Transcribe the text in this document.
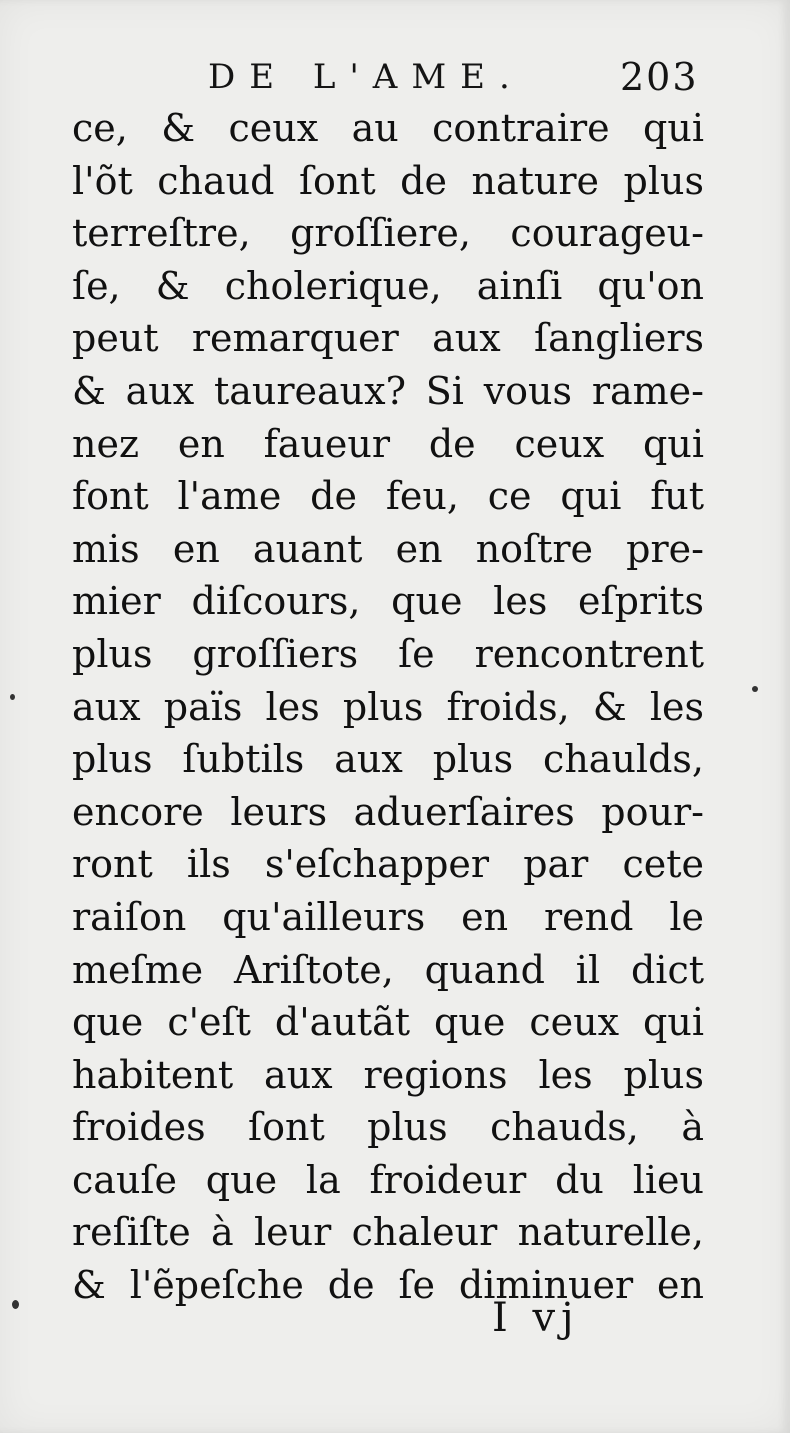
DE L'AME.	203
ce, & ceux au contraire qui
l'õt chaud ſont de nature plus
terreſtre, groſſiere, courageu-
ſe, & cholerique, ainſi qu'on
peut remarquer aux ſangliers
& aux taureaux? Si vous rame-
nez en faueur de ceux qui
font l'ame de feu, ce qui fut
mis en auant en noſtre pre-
mier diſcours, que les eſprits
plus groſſiers ſe rencontrent
aux païs les plus froids, & les
plus ſubtils aux plus chaulds,
encore leurs aduerſaires pour-
ront ils s'eſchapper par cete
raiſon qu'ailleurs en rend le
meſme Ariſtote, quand il dict
que c'eſt d'autãt que ceux qui
habitent aux regions les plus
froides ſont plus chauds, à
cauſe que la froideur du lieu
reſiſte à leur chaleur naturelle,
& l'ẽpeſche de ſe diminuer en
I vj
